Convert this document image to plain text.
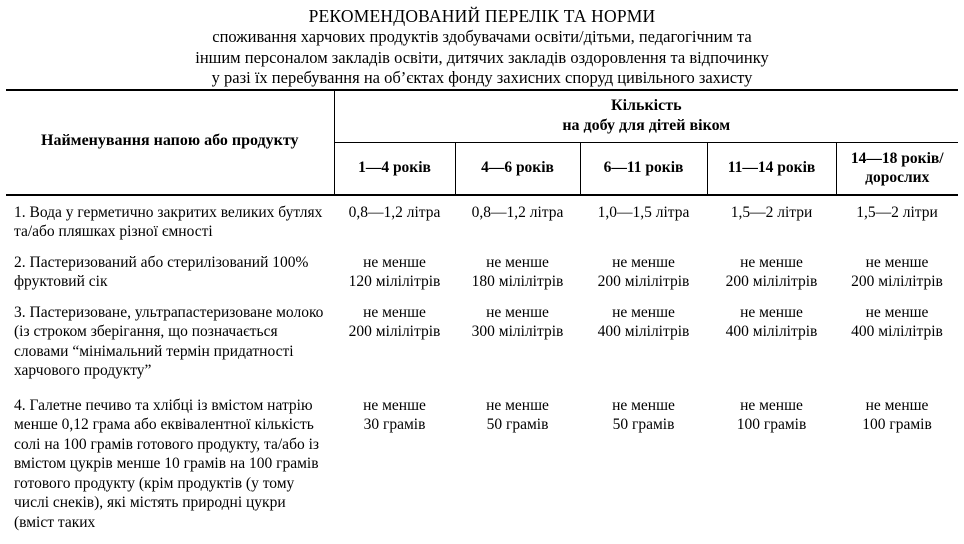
РЕКОМЕНДОВАНИЙ ПЕРЕЛІК ТА НОРМИ
споживання харчових продуктів здобувачами освіти/дітьми, педагогічним та
іншим персоналом закладів освіти, дитячих закладів оздоровлення та відпочинку
у разі їх перебування на об’єктах фонду захисних споруд цивільного захисту
Найменування напою або продукту	Кількість
на добу для дітей віком				

	1—4 років	4—6 років	6—11 років	11—14 років	14—18 років/
дорослих

1. Вода у герметично закритих великих бутлях та/або пляшках різної ємності	0,8—1,2 літра	0,8—1,2 літра	1,0—1,5 літра	1,5—2 літри	1,5—2 літри

2. Пастеризований або стерилізований 100% фруктовий сік	не менше
120 мілілітрів	не менше
180 мілілітрів	не менше
200 мілілітрів	не менше
200 мілілітрів	не менше
200 мілілітрів

3. Пастеризоване, ультрапастеризоване молоко (із строком зберігання, що позначається словами “мінімальний термін придатності харчового продукту”	не менше
200 мілілітрів	не менше
300 мілілітрів	не менше
400 мілілітрів	не менше
400 мілілітрів	не менше
400 мілілітрів

4. Галетне печиво та хлібці із вмістом натрію менше 0,12 грама або еквівалентної кількість солі на 100 грамів готового продукту, та/або із вмістом цукрів менше 10 грамів на 100 грамів готового продукту (крім продуктів (у тому числі снеків), які містять природні цукри (вміст таких	не менше
30 грамів	не менше
50 грамів	не менше
50 грамів	не менше
100 грамів	не менше
100 грамів
